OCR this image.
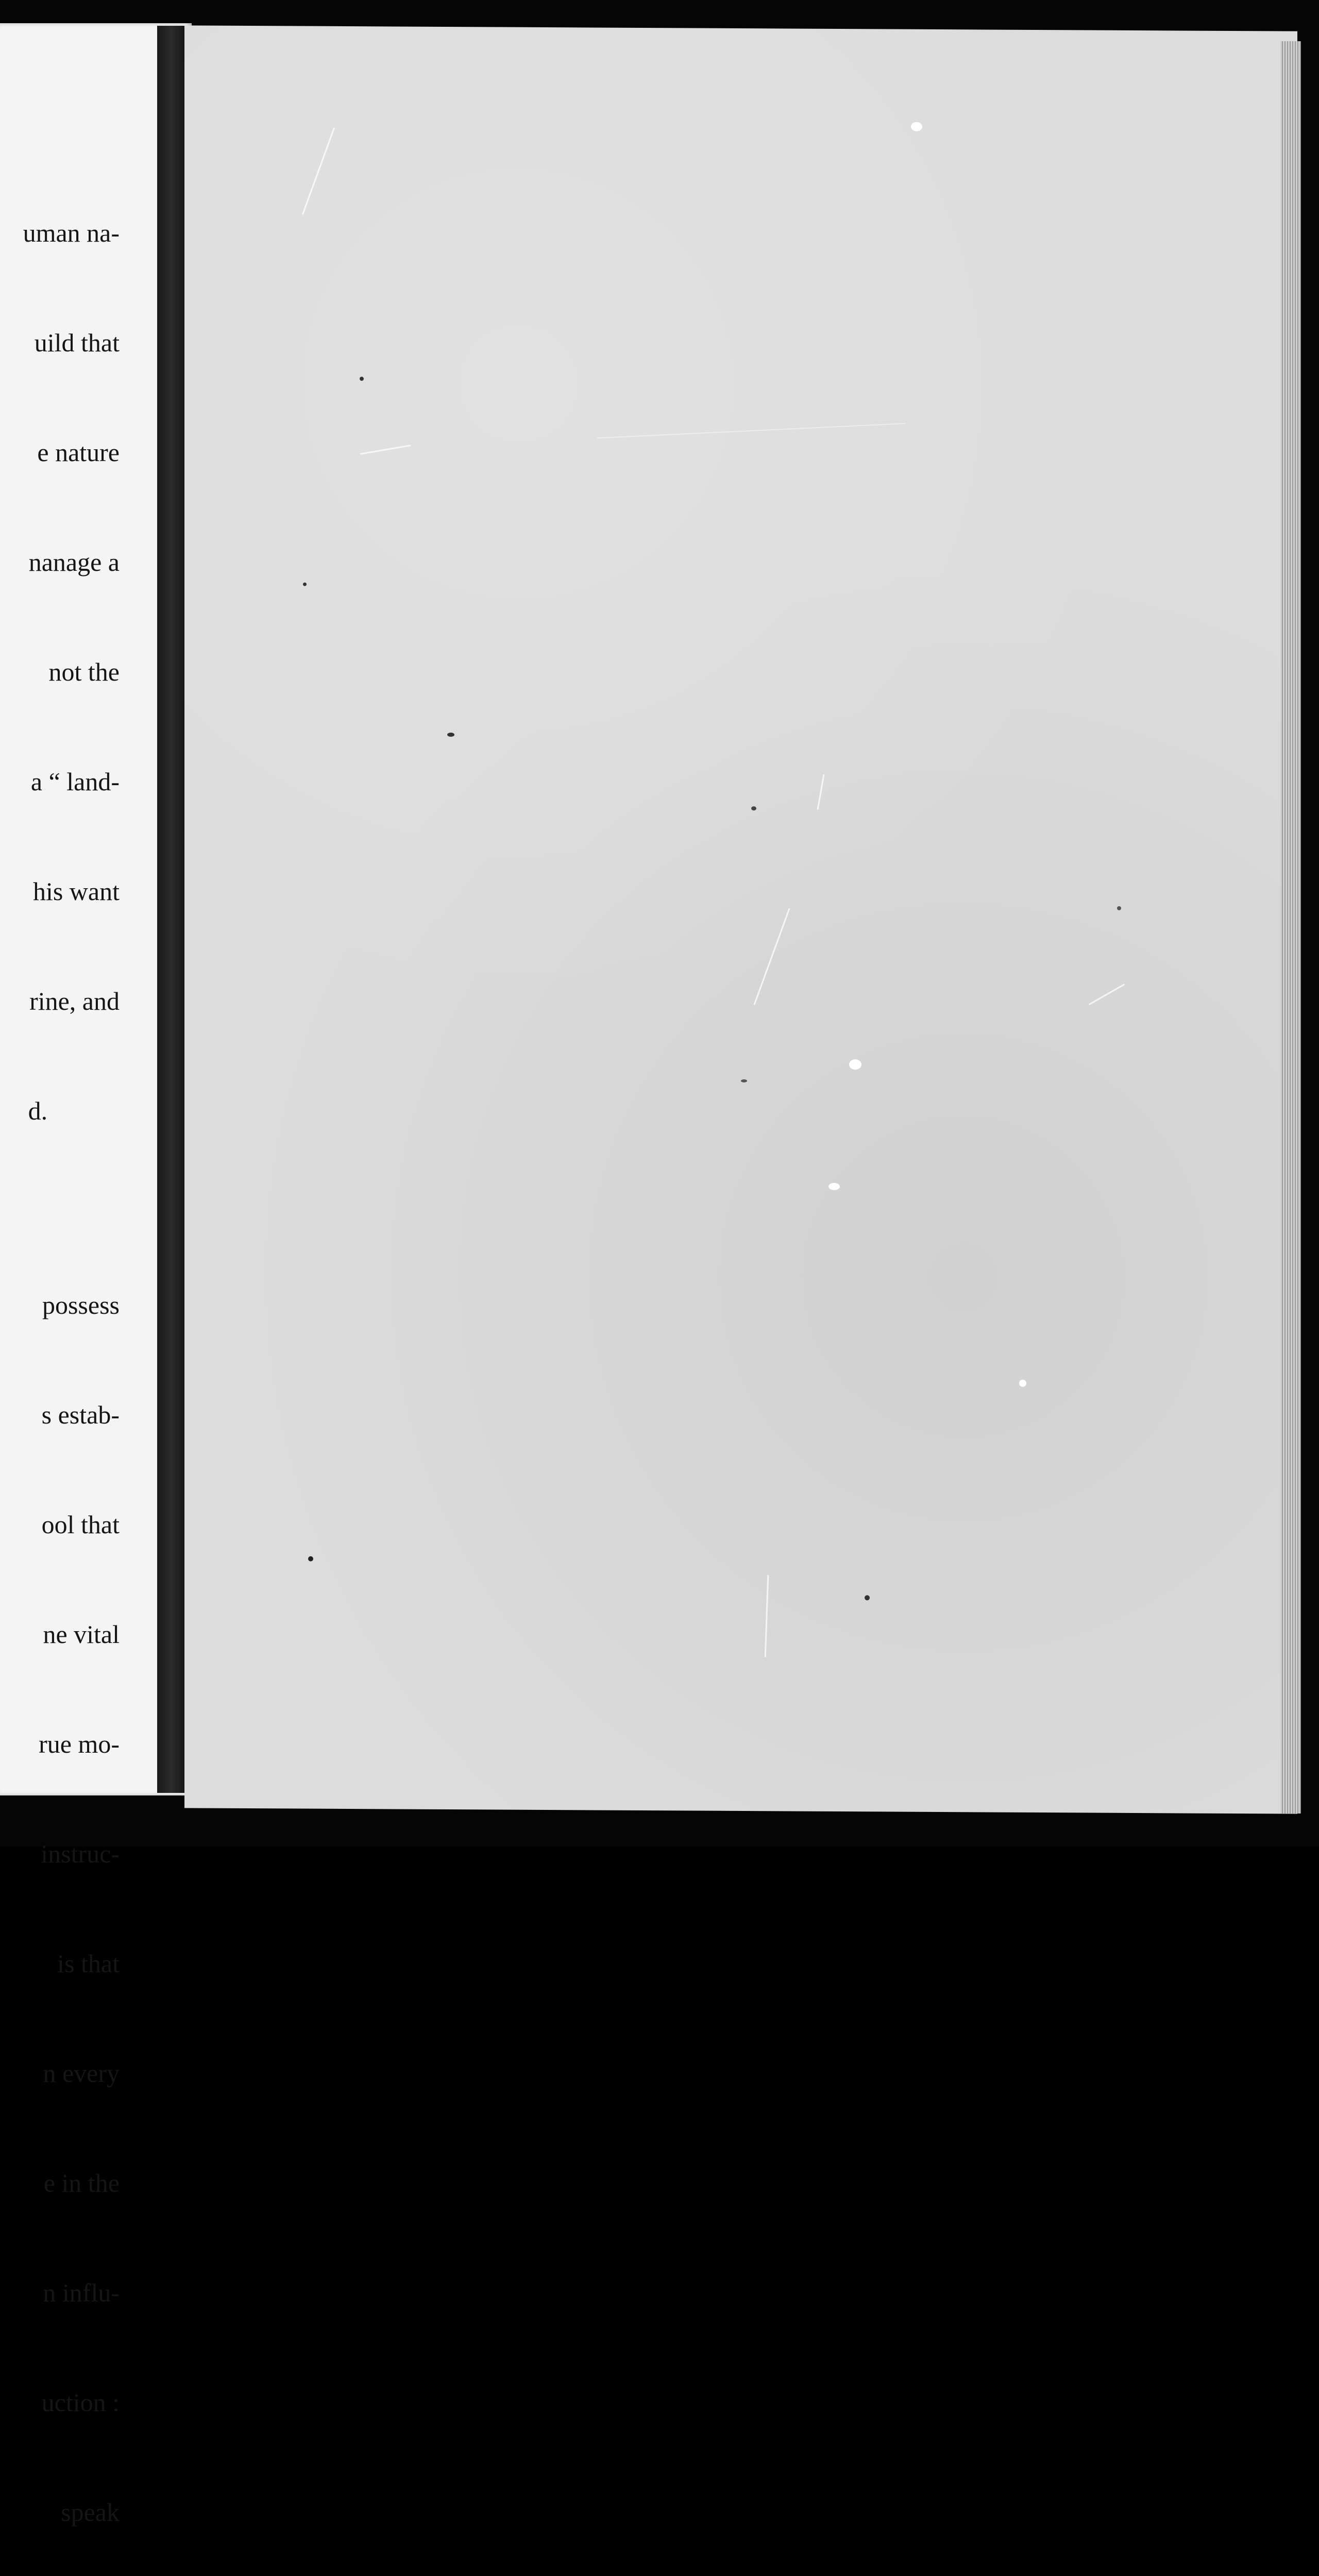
uman na-

uild that

e nature

nanage a

not the

a “ land-

his want

rine, and

d.

possess

s estab-

ool that

ne vital

rue mo-

instruc-

is that

n every

e in the

n influ-

uction :

speak
